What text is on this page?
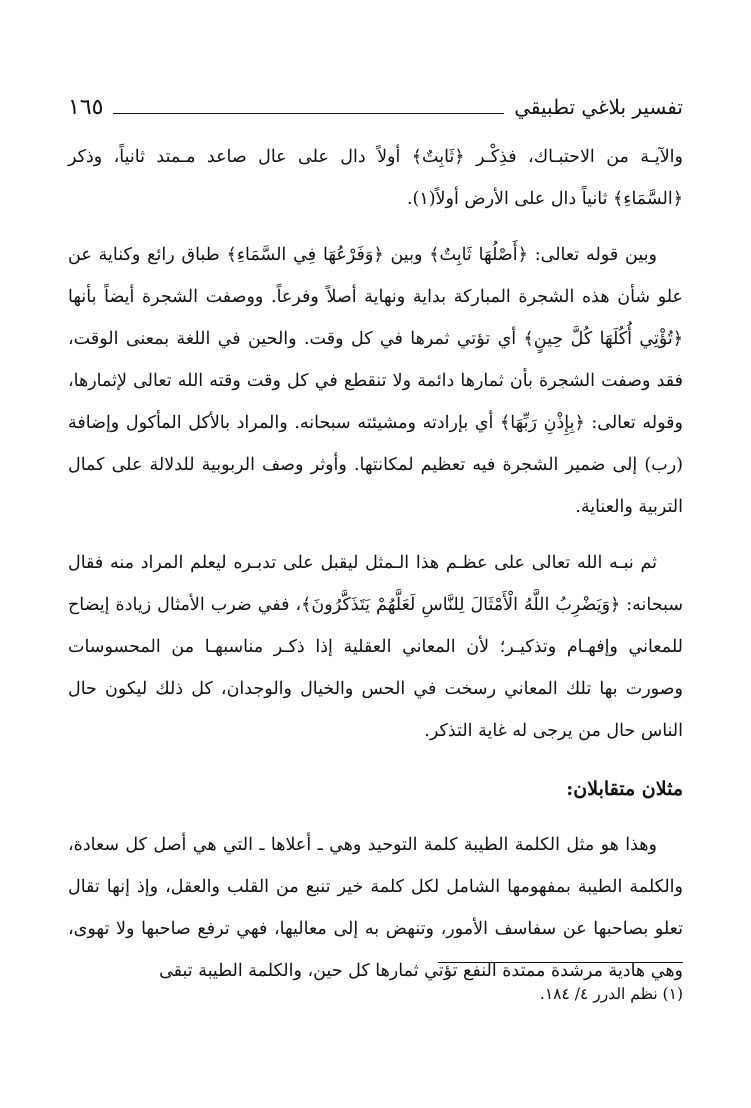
تفسير بلاغي تطبيقي
١٦٥

والآيـة من الاحتبـاك، فذِكْـر ﴿ثَابِتٌ﴾ أولاً دال على عال صاعد مـمتد ثانياً، وذكر ﴿السَّمَاءِ﴾ ثانياً دال على الأرض أولاً(١).

وبين قوله تعالى: ﴿أَصْلُهَا ثَابِتٌ﴾ وبين ﴿وَفَرْعُهَا فِي السَّمَاءِ﴾ طباق رائع وكناية عن علو شأن هذه الشجرة المباركة بداية ونهاية أصلاً وفرعاً. ووصفت الشجرة أيضاً بأنها ﴿تُؤْتِي أُكُلَهَا كُلَّ حِينٍ﴾ أي تؤتي ثمرها في كل وقت. والحين في اللغة بمعنى الوقت، فقد وصفت الشجرة بأن ثمارها دائمة ولا تنقطع في كل وقت وقته الله تعالى لإثمارها، وقوله تعالى: ﴿بِإِذْنِ رَبِّهَا﴾ أي بإرادته ومشيئته سبحانه. والمراد بالأكل المأكول وإضافة (رب) إلى ضمير الشجرة فيه تعظيم لمكانتها. وأوثر وصف الربوبية للدلالة على كمال التربية والعناية.

ثم نبـه الله تعالى على عظـم هذا الـمثل ليقبل على تدبـره ليعلم المراد منه فقال سبحانه: ﴿وَيَضْرِبُ اللَّهُ الْأَمْثَالَ لِلنَّاسِ لَعَلَّهُمْ يَتَذَكَّرُونَ﴾، ففي ضرب الأمثال زيادة إيضاح للمعاني وإفهـام وتذكيـر؛ لأن المعاني العقلية إذا ذكـر مناسبهـا من المحسوسات وصورت بها تلك المعاني رسخت في الحس والخيال والوجدان، كل ذلك ليكون حال الناس حال من يرجى له غاية التذكر.

مثلان متقابلان:

وهذا هو مثل الكلمة الطيبة كلمة التوحيد وهي ـ أعلاها ـ التي هي أصل كل سعادة، والكلمة الطيبة بمفهومها الشامل لكل كلمة خير تنبع من القلب والعقل، وإذ إنها تقال تعلو بصاحبها عن سفاسف الأمور، وتنهض به إلى معاليها، فهي ترفع صاحبها ولا تهوى، وهي هادية مرشدة ممتدة النفع تؤتي ثمارها كل حين، والكلمة الطيبة تبقى

(١) نظم الدرر ٤/ ١٨٤.
